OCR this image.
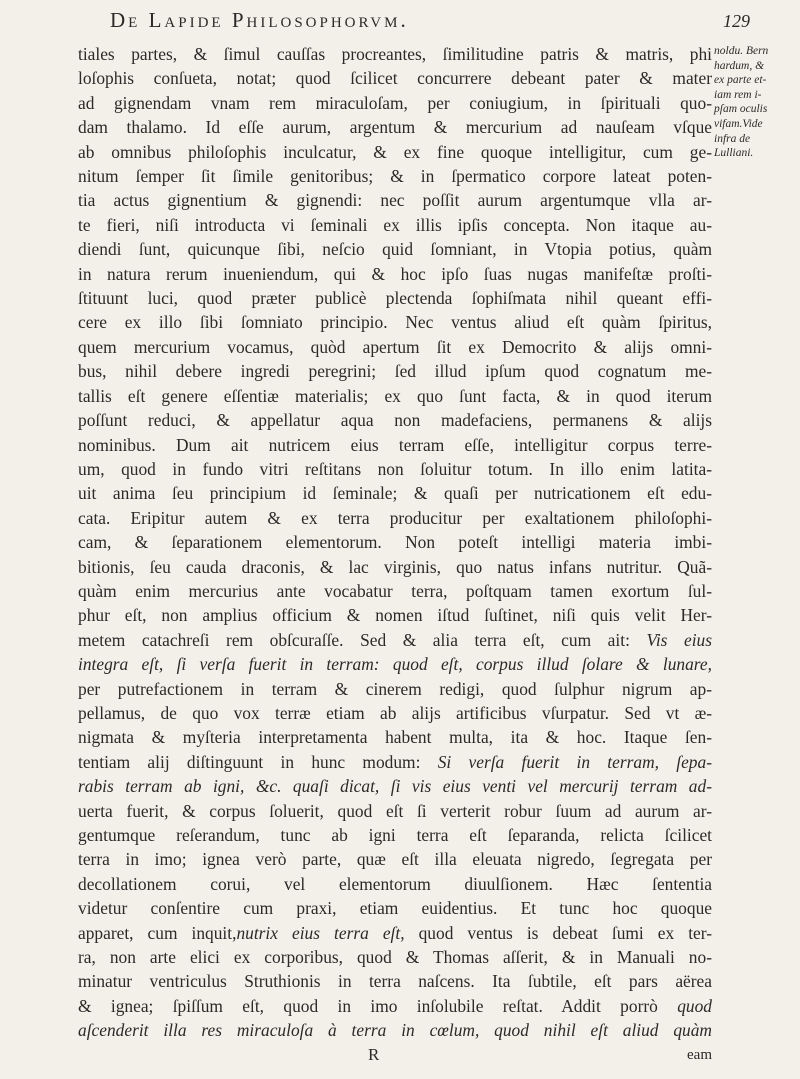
De Lapide Philosophorvm.	129
tiales partes, & ſimul cauſſas procreantes, ſimilitudine patris & matris, phi
loſophis conſueta, notat; quod ſcilicet concurrere debeant pater & mater
ad gignendam vnam rem miraculoſam, per coniugium, in ſpirituali quo-
dam thalamo. Id eſſe aurum, argentum & mercurium ad nauſeam vſque
ab omnibus philoſophis inculcatur, & ex fine quoque intelligitur, cum ge-
nitum ſemper ſit ſimile genitoribus; & in ſpermatico corpore lateat poten-
tia actus gignentium & gignendi: nec poſſit aurum argentumque vlla ar-
te fieri, niſi introducta vi ſeminali ex illis ipſis concepta. Non itaque au-
diendi ſunt, quicunque ſibi, neſcio quid ſomniant, in Vtopia potius, quàm
in natura rerum inueniendum, qui & hoc ipſo ſuas nugas manifeſtæ proſti-
ſtituunt luci, quod præter publicè plectenda ſophiſmata nihil queant effi-
cere ex illo ſibi ſomniato principio. Nec ventus aliud eſt quàm ſpiritus,
quem mercurium vocamus, quòd apertum ſit ex Democrito & alijs omni-
bus, nihil debere ingredi peregrini; ſed illud ipſum quod cognatum me-
tallis eſt genere eſſentiæ materialis; ex quo ſunt facta, & in quod iterum
poſſunt reduci, & appellatur aqua non madefaciens, permanens & alijs
nominibus. Dum ait nutricem eius terram eſſe, intelligitur corpus terre-
um, quod in fundo vitri reſtitans non ſoluitur totum. In illo enim latita-
uit anima ſeu principium id ſeminale; & quaſi per nutricationem eſt edu-
cata. Eripitur autem & ex terra producitur per exaltationem philoſophi-
cam, & ſeparationem elementorum. Non poteſt intelligi materia imbi-
bitionis, ſeu cauda draconis, & lac virginis, quo natus infans nutritur. Quã-
quàm enim mercurius ante vocabatur terra, poſtquam tamen exortum ſul-
phur eſt, non amplius officium & nomen iſtud ſuſtinet, niſi quis velit Her-
metem catachreſi rem obſcuraſſe. Sed & alia terra eſt, cum ait: Vis eius
integra eſt, ſi verſa fuerit in terram: quod eſt, corpus illud ſolare & lunare,
per putrefactionem in terram & cinerem redigi, quod ſulphur nigrum ap-
pellamus, de quo vox terræ etiam ab alijs artificibus vſurpatur. Sed vt æ-
nigmata & myſteria interpretamenta habent multa, ita & hoc. Itaque ſen-
tentiam alij diſtinguunt in hunc modum: Si verſa fuerit in terram, ſepa-
rabis terram ab igni, &c. quaſi dicat, ſi vis eius venti vel mercurij terram ad-
uerta fuerit, & corpus ſoluerit, quod eſt ſi verterit robur ſuum ad aurum ar-
gentumque reſerandum, tunc ab igni terra eſt ſeparanda, relicta ſcilicet
terra in imo; ignea verò parte, quæ eſt illa eleuata nigredo, ſegregata per
decollationem corui, vel elementorum diuulſionem. Hæc ſententia
videtur conſentire cum praxi, etiam euidentius. Et tunc hoc quoque
apparet, cum inquit,nutrix eius terra eſt, quod ventus is debeat ſumi ex ter-
ra, non arte elici ex corporibus, quod & Thomas aſſerit, & in Manuali no-
minatur ventriculus Struthionis in terra naſcens. Ita ſubtile, eſt pars aërea
& ignea; ſpiſſum eſt, quod in imo inſolubile reſtat. Addit porrò quod
aſcenderit illa res miraculoſa à terra in cœlum, quod nihil eſt aliud quàm
noldu. Bern
hardum, &
ex parte et-
iam rem i-
pſam oculis
vifam.Vide
infra de
Lulliani.
R	eam
